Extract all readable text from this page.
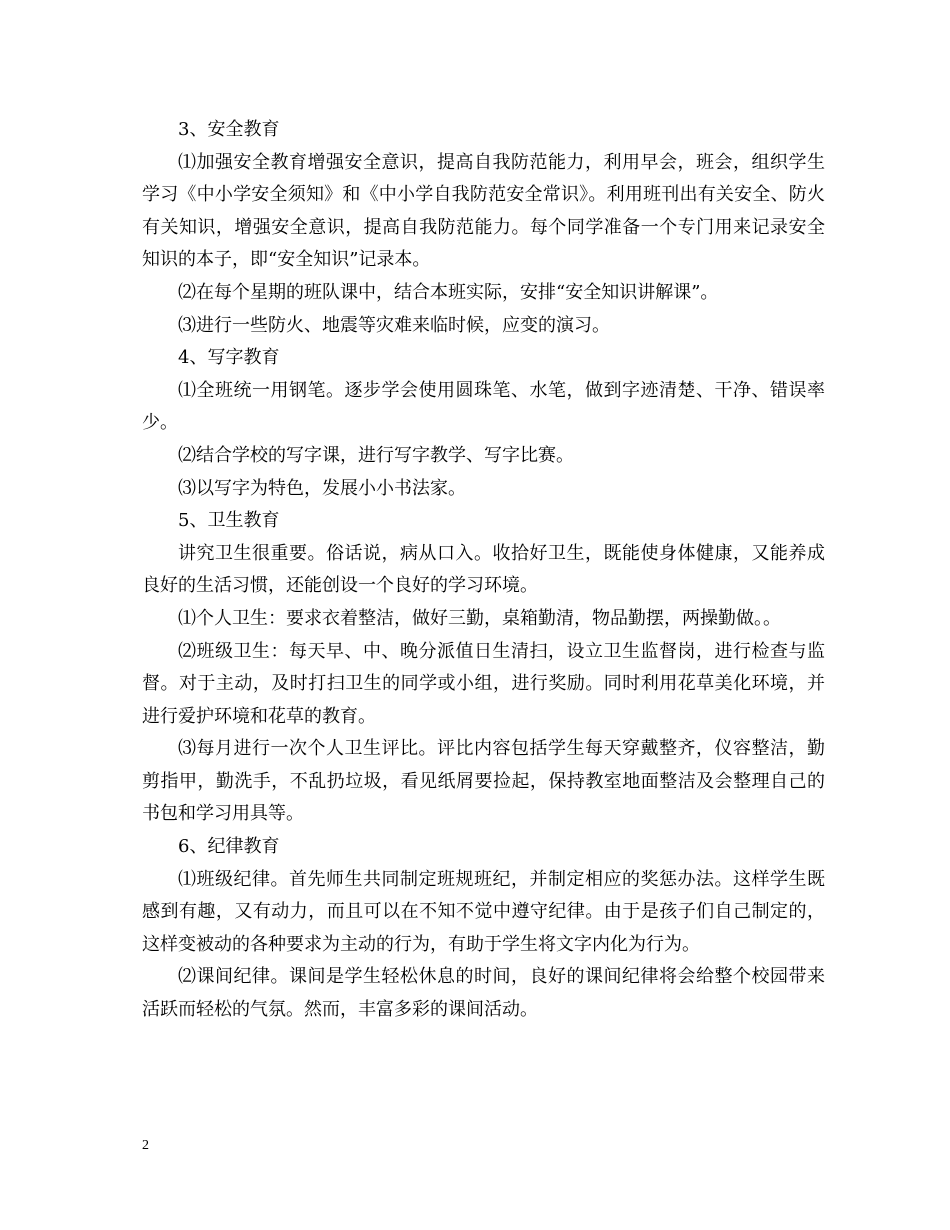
3、安全教育

⑴加强安全教育增强安全意识，提高自我防范能力，利用早会，班会，组织学生学习《中小学安全须知》和《中小学自我防范安全常识》。利用班刊出有关安全、防火有关知识，增强安全意识，提高自我防范能力。每个同学准备一个专门用来记录安全知识的本子，即“安全知识”记录本。

⑵在每个星期的班队课中，结合本班实际，安排“安全知识讲解课”。

⑶进行一些防火、地震等灾难来临时候，应变的演习。

4、写字教育

⑴全班统一用钢笔。逐步学会使用圆珠笔、水笔，做到字迹清楚、干净、错误率少。

⑵结合学校的写字课，进行写字教学、写字比赛。

⑶以写字为特色，发展小小书法家。

5、卫生教育

讲究卫生很重要。俗话说，病从口入。收拾好卫生，既能使身体健康，又能养成良好的生活习惯，还能创设一个良好的学习环境。

⑴个人卫生：要求衣着整洁，做好三勤，桌箱勤清，物品勤摆，两操勤做。。

⑵班级卫生：每天早、中、晚分派值日生清扫，设立卫生监督岗，进行检查与监督。对于主动，及时打扫卫生的同学或小组，进行奖励。同时利用花草美化环境，并进行爱护环境和花草的教育。

⑶每月进行一次个人卫生评比。评比内容包括学生每天穿戴整齐，仪容整洁，勤剪指甲，勤洗手，不乱扔垃圾，看见纸屑要捡起，保持教室地面整洁及会整理自己的书包和学习用具等。

6、纪律教育

⑴班级纪律。首先师生共同制定班规班纪，并制定相应的奖惩办法。这样学生既感到有趣，又有动力，而且可以在不知不觉中遵守纪律。由于是孩子们自己制定的，这样变被动的各种要求为主动的行为，有助于学生将文字内化为行为。

⑵课间纪律。课间是学生轻松休息的时间，良好的课间纪律将会给整个校园带来活跃而轻松的气氛。然而，丰富多彩的课间活动。

2
